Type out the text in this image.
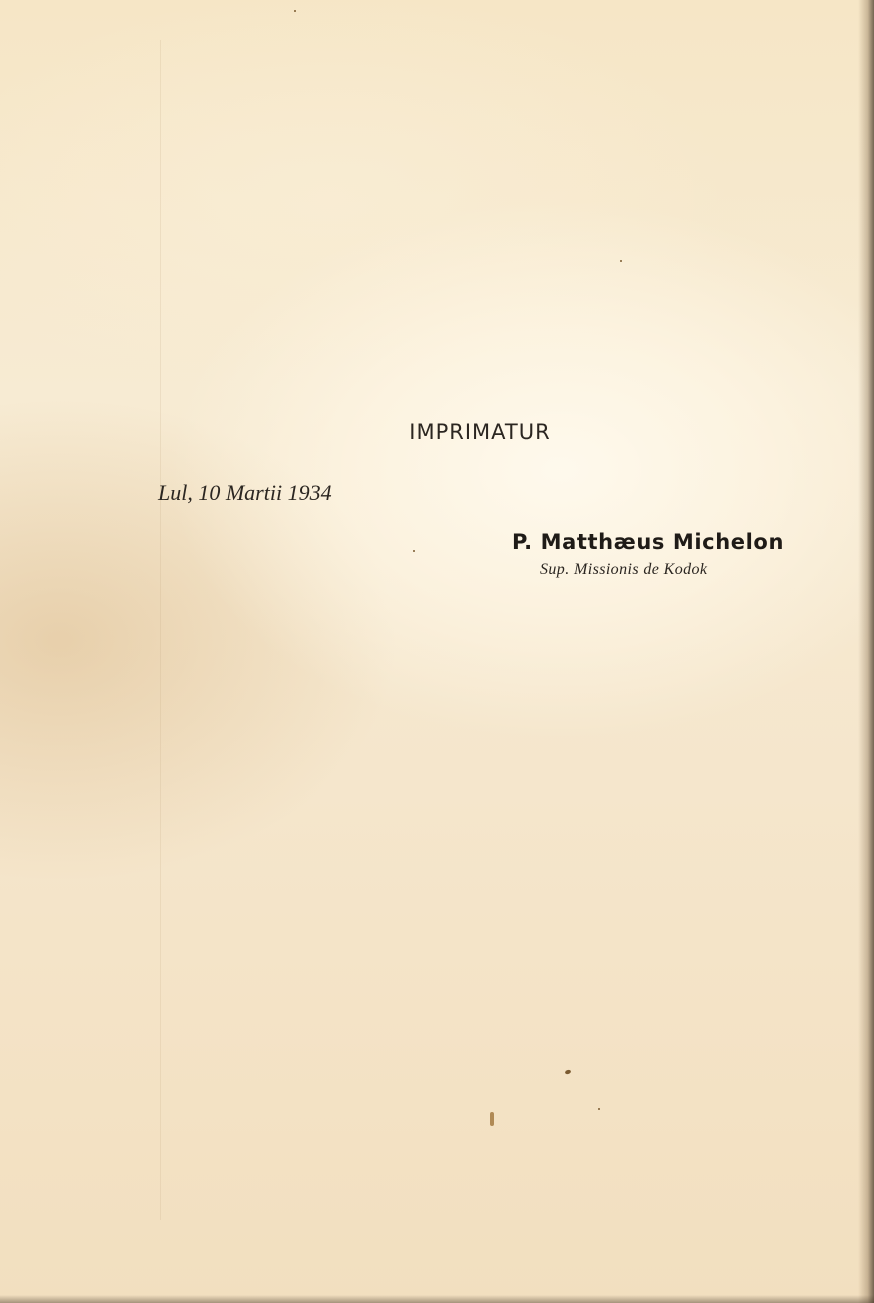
IMPRIMATUR
Lul, 10 Martii 1934
P. Matthæus Michelon
Sup. Missionis de Kodok
